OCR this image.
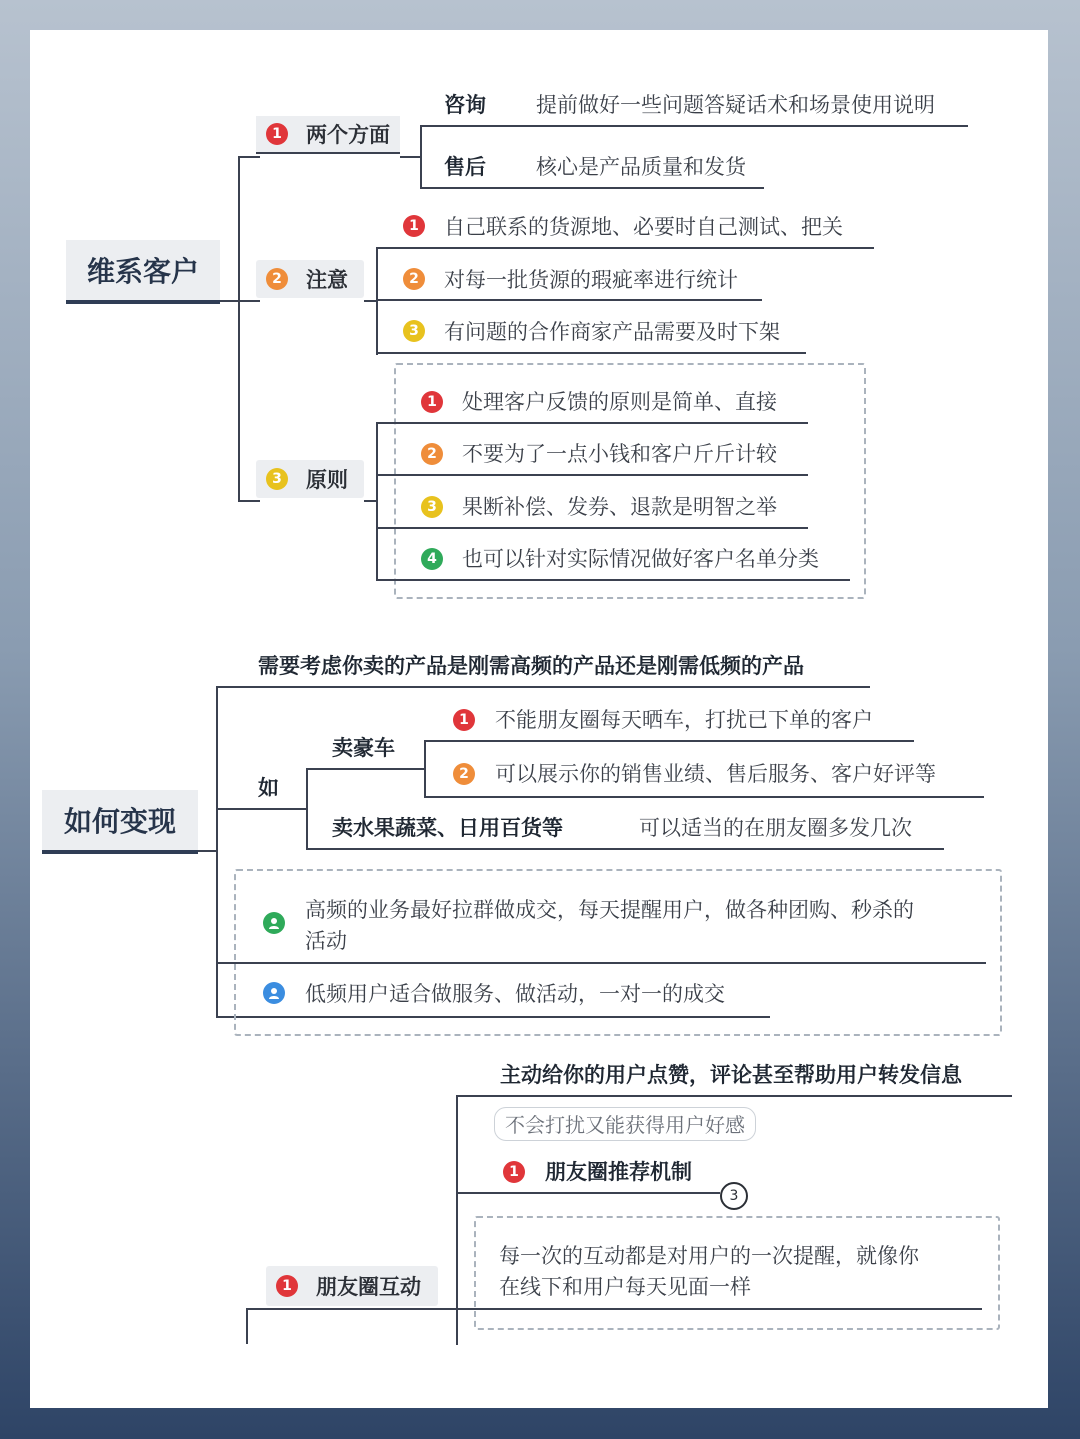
维系客户
1 两个方面
咨询 提前做好一些问题答疑话术和场景使用说明
售后 核心是产品质量和发货
2 注意
1 自己联系的货源地、必要时自己测试、把关
2 对每一批货源的瑕疵率进行统计
3 有问题的合作商家产品需要及时下架
3 原则
1 处理客户反馈的原则是简单、直接
2 不要为了一点小钱和客户斤斤计较
3 果断补偿、发券、退款是明智之举
4 也可以针对实际情况做好客户名单分类
如何变现
需要考虑你卖的产品是刚需高频的产品还是刚需低频的产品
如
卖豪车
1 不能朋友圈每天晒车，打扰已下单的客户
2 可以展示你的销售业绩、售后服务、客户好评等
卖水果蔬菜、日用百货等	可以适当的在朋友圈多发几次
高频的业务最好拉群做成交，每天提醒用户，做各种团购、秒杀的
活动
低频用户适合做服务、做活动，一对一的成交
主动给你的用户点赞，评论甚至帮助用户转发信息
不会打扰又能获得用户好感
1 朋友圈推荐机制
3
每一次的互动都是对用户的一次提醒，就像你
在线下和用户每天见面一样
1 朋友圈互动
